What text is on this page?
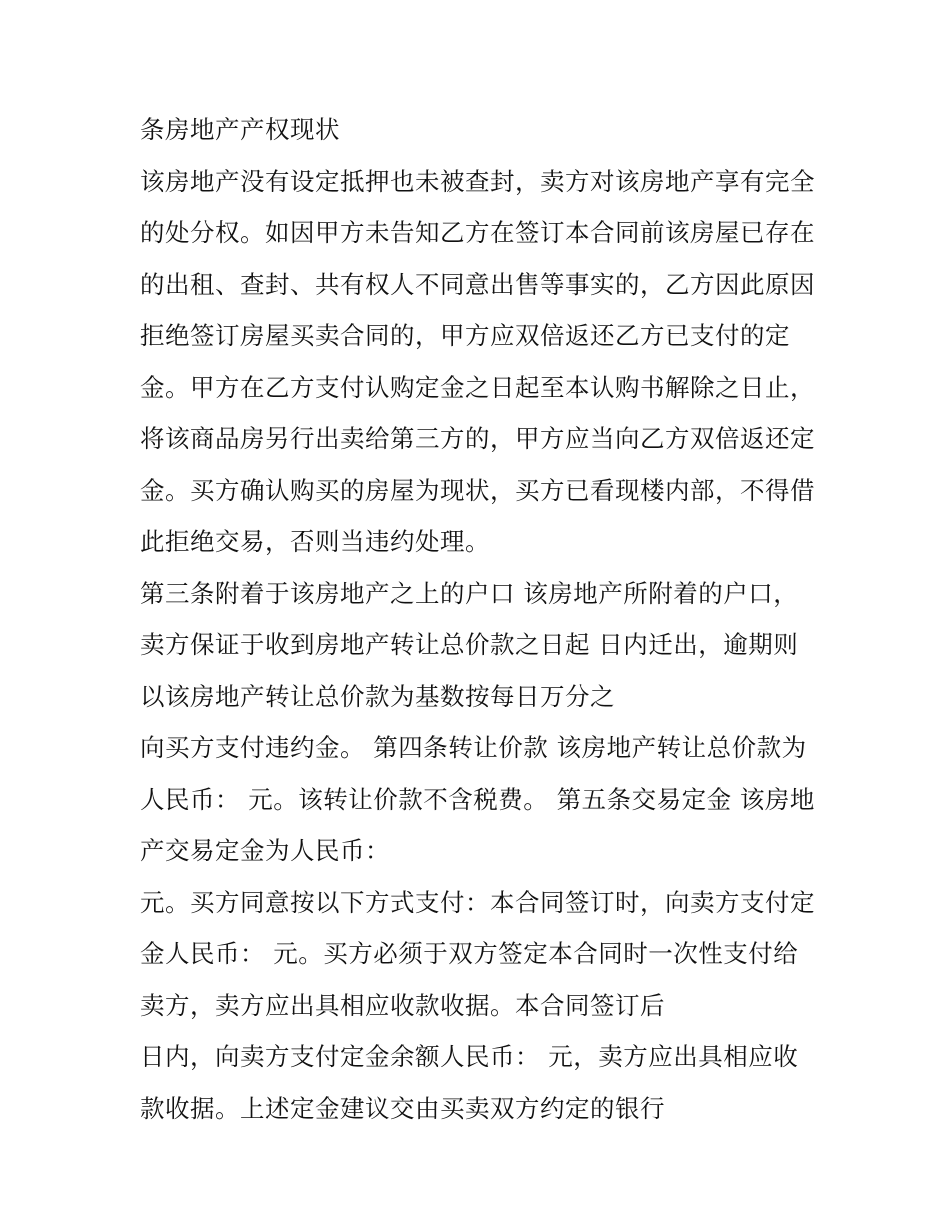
条房地产产权现状
该房地产没有设定抵押也未被查封，卖方对该房地产享有完全
的处分权。如因甲方未告知乙方在签订本合同前该房屋已存在
的出租、查封、共有权人不同意出售等事实的，乙方因此原因
拒绝签订房屋买卖合同的，甲方应双倍返还乙方已支付的定
金。甲方在乙方支付认购定金之日起至本认购书解除之日止，
将该商品房另行出卖给第三方的，甲方应当向乙方双倍返还定
金。买方确认购买的房屋为现状，买方已看现楼内部，不得借
此拒绝交易，否则当违约处理。
第三条附着于该房地产之上的户口 该房地产所附着的户口，
卖方保证于收到房地产转让总价款之日起 日内迁出，逾期则
以该房地产转让总价款为基数按每日万分之
向买方支付违约金。 第四条转让价款 该房地产转让总价款为
人民币： 元。该转让价款不含税费。 第五条交易定金 该房地
产交易定金为人民币：
元。买方同意按以下方式支付：本合同签订时，向卖方支付定
金人民币： 元。买方必须于双方签定本合同时一次性支付给
卖方，卖方应出具相应收款收据。本合同签订后
日内，向卖方支付定金余额人民币： 元，卖方应出具相应收
款收据。上述定金建议交由买卖双方约定的银行
